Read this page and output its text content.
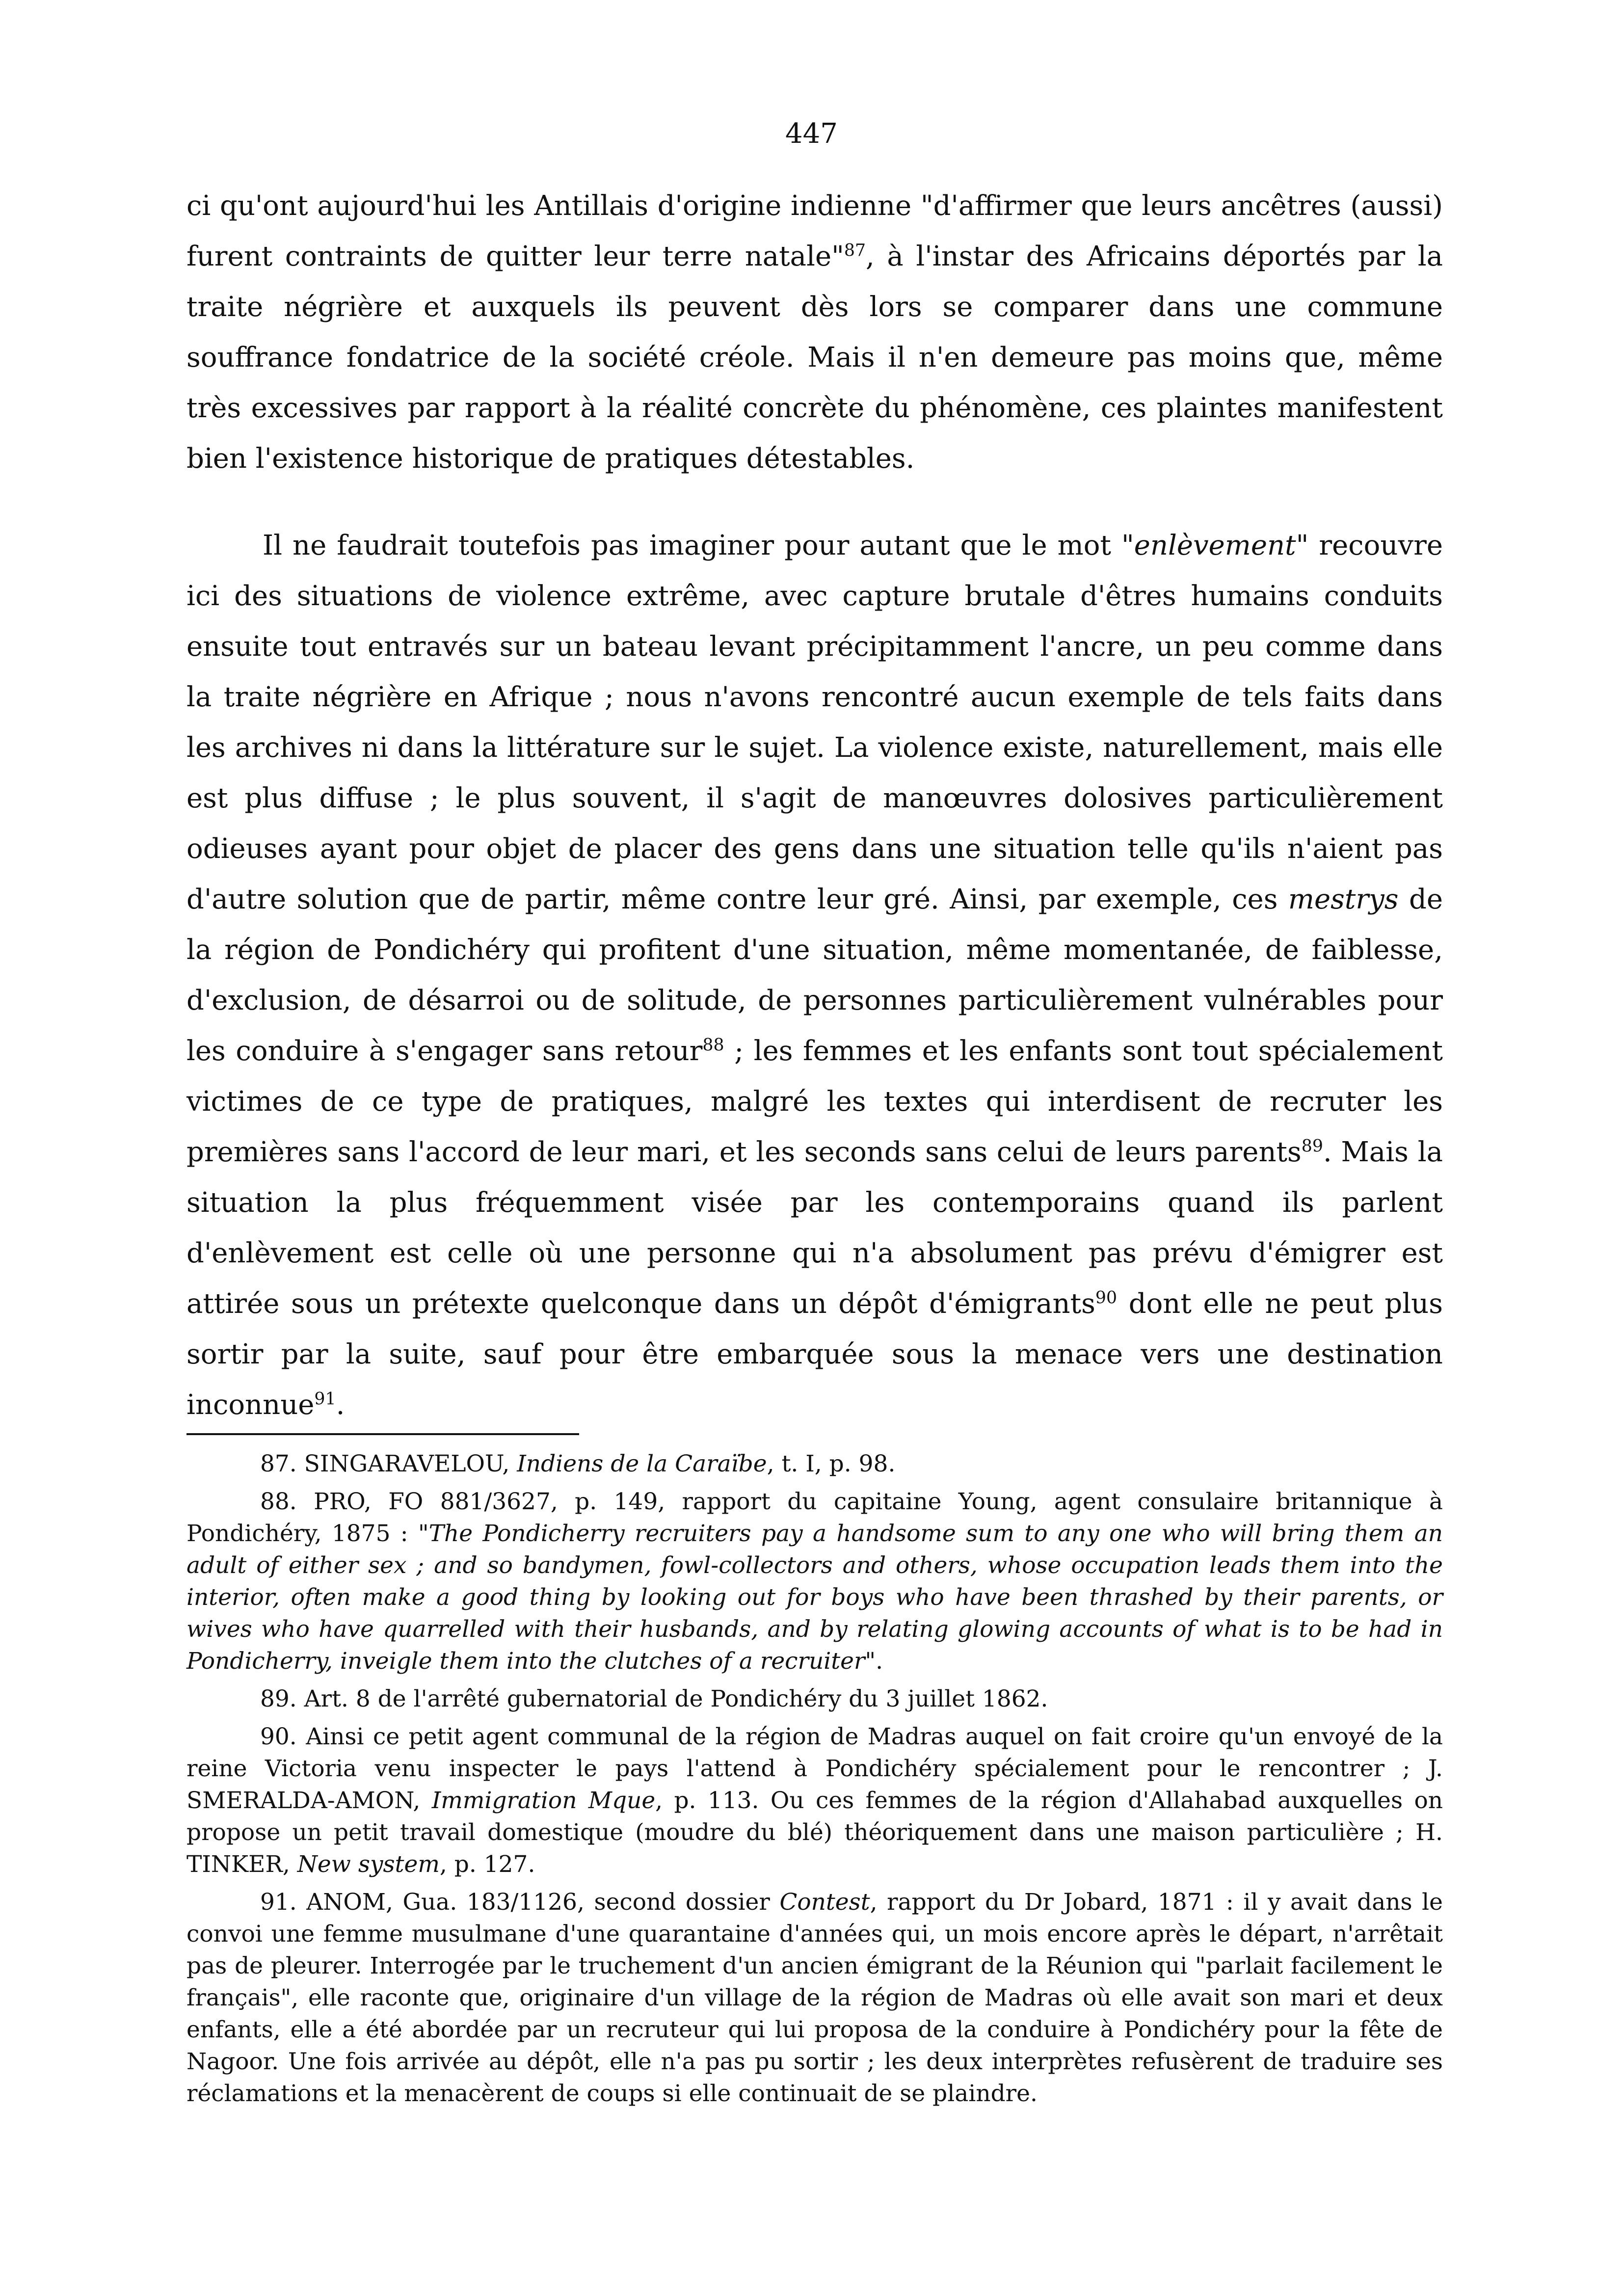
447

ci qu'ont aujourd'hui les Antillais d'origine indienne "d'affirmer que leurs ancêtres (aussi) furent contraints de quitter leur terre natale"$^{87}$, à l'instar des Africains déportés par la traite négrière et auxquels ils peuvent dès lors se comparer dans une commune souffrance fondatrice de la société créole. Mais il n'en demeure pas moins que, même très excessives par rapport à la réalité concrète du phénomène, ces plaintes manifestent bien l'existence historique de pratiques détestables.

Il ne faudrait toutefois pas imaginer pour autant que le mot "enlèvement" recouvre ici des situations de violence extrême, avec capture brutale d'êtres humains conduits ensuite tout entravés sur un bateau levant précipitamment l'ancre, un peu comme dans la traite négrière en Afrique ; nous n'avons rencontré aucun exemple de tels faits dans les archives ni dans la littérature sur le sujet. La violence existe, naturellement, mais elle est plus diffuse ; le plus souvent, il s'agit de manœuvres dolosives particulièrement odieuses ayant pour objet de placer des gens dans une situation telle qu'ils n'aient pas d'autre solution que de partir, même contre leur gré. Ainsi, par exemple, ces mestrys de la région de Pondichéry qui profitent d'une situation, même momentanée, de faiblesse, d'exclusion, de désarroi ou de solitude, de personnes particulièrement vulnérables pour les conduire à s'engager sans retour$^{88}$ ; les femmes et les enfants sont tout spécialement victimes de ce type de pratiques, malgré les textes qui interdisent de recruter les premières sans l'accord de leur mari, et les seconds sans celui de leurs parents$^{89}$. Mais la situation la plus fréquemment visée par les contemporains quand ils parlent d'enlèvement est celle où une personne qui n'a absolument pas prévu d'émigrer est attirée sous un prétexte quelconque dans un dépôt d'émigrants$^{90}$ dont elle ne peut plus sortir par la suite, sauf pour être embarquée sous la menace vers une destination inconnue$^{91}$.

87. SINGARAVELOU, Indiens de la Caraïbe, t. I, p. 98.

88. PRO, FO 881/3627, p. 149, rapport du capitaine Young, agent consulaire britannique à Pondichéry, 1875 : "The Pondicherry recruiters pay a handsome sum to any one who will bring them an adult of either sex ; and so bandymen, fowl-collectors and others, whose occupation leads them into the interior, often make a good thing by looking out for boys who have been thrashed by their parents, or wives who have quarrelled with their husbands, and by relating glowing accounts of what is to be had in Pondicherry, inveigle them into the clutches of a recruiter".

89. Art. 8 de l'arrêté gubernatorial de Pondichéry du 3 juillet 1862.

90. Ainsi ce petit agent communal de la région de Madras auquel on fait croire qu'un envoyé de la reine Victoria venu inspecter le pays l'attend à Pondichéry spécialement pour le rencontrer ; J. SMERALDA-AMON, Immigration Mque, p. 113. Ou ces femmes de la région d'Allahabad auxquelles on propose un petit travail domestique (moudre du blé) théoriquement dans une maison particulière ; H. TINKER, New system, p. 127.

91. ANOM, Gua. 183/1126, second dossier Contest, rapport du Dr Jobard, 1871 : il y avait dans le convoi une femme musulmane d'une quarantaine d'années qui, un mois encore après le départ, n'arrêtait pas de pleurer. Interrogée par le truchement d'un ancien émigrant de la Réunion qui "parlait facilement le français", elle raconte que, originaire d'un village de la région de Madras où elle avait son mari et deux enfants, elle a été abordée par un recruteur qui lui proposa de la conduire à Pondichéry pour la fête de Nagoor. Une fois arrivée au dépôt, elle n'a pas pu sortir ; les deux interprètes refusèrent de traduire ses réclamations et la menacèrent de coups si elle continuait de se plaindre.
